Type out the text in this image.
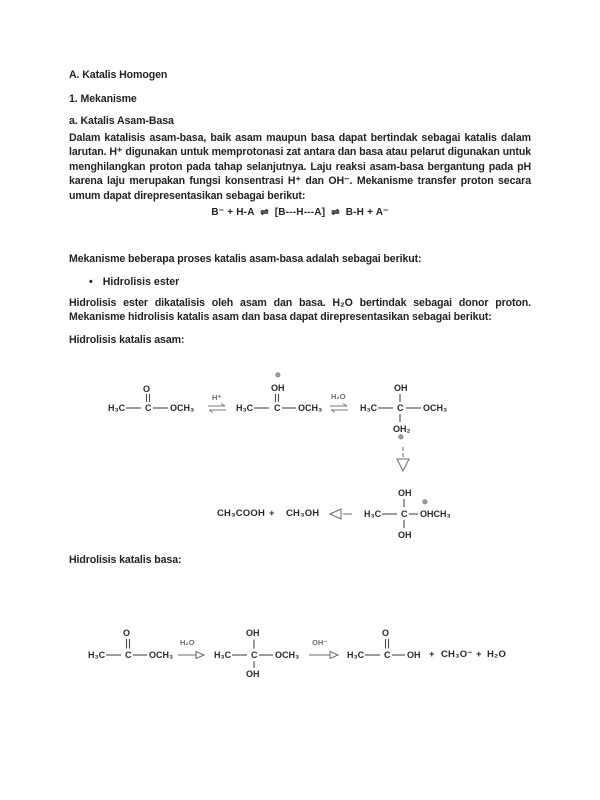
A. Katalis Homogen
1. Mekanisme
a. Katalis Asam-Basa
Dalam katalisis asam-basa, baik asam maupun basa dapat bertindak sebagai katalis dalam larutan. H⁺ digunakan untuk memprotonasi zat antara dan basa atau pelarut digunakan untuk menghilangkan proton pada tahap selanjutnya. Laju reaksi asam-basa bergantung pada pH karena laju merupakan fungsi konsentrasi H⁺ dan OH⁻. Mekanisme transfer proton secara umum dapat direpresentasikan sebagai berikut:
B⁻ + H-A  ⇌  [B---H---A]  ⇌  B-H + A⁻
Mekanisme beberapa proses katalis asam-basa adalah sebagai berikut:
• Hidrolisis ester
Hidrolisis ester dikatalisis oleh asam dan basa. H₂O bertindak sebagai donor proton. Mekanisme hidrolisis katalis asam dan basa dapat direpresentasikan sebagai berikut:
Hidrolisis katalis asam:
H₃C C
O
OCH₃
H⁺
H₃C C
OH
⊕
OCH₃
H₂O
H₃C C
OH
OCH₃
OH₂
⊕
CH₃COOH + CH₃OH
OH
H₃C C
⊕
OHCH₃
OH
Hidrolisis katalis basa:
H₃C C
O
OCH₃
H₂O
H₃C C
OH
OCH₃
OH
OH⁻
H₃C C
O
OH + CH₃O⁻ + H₂O
